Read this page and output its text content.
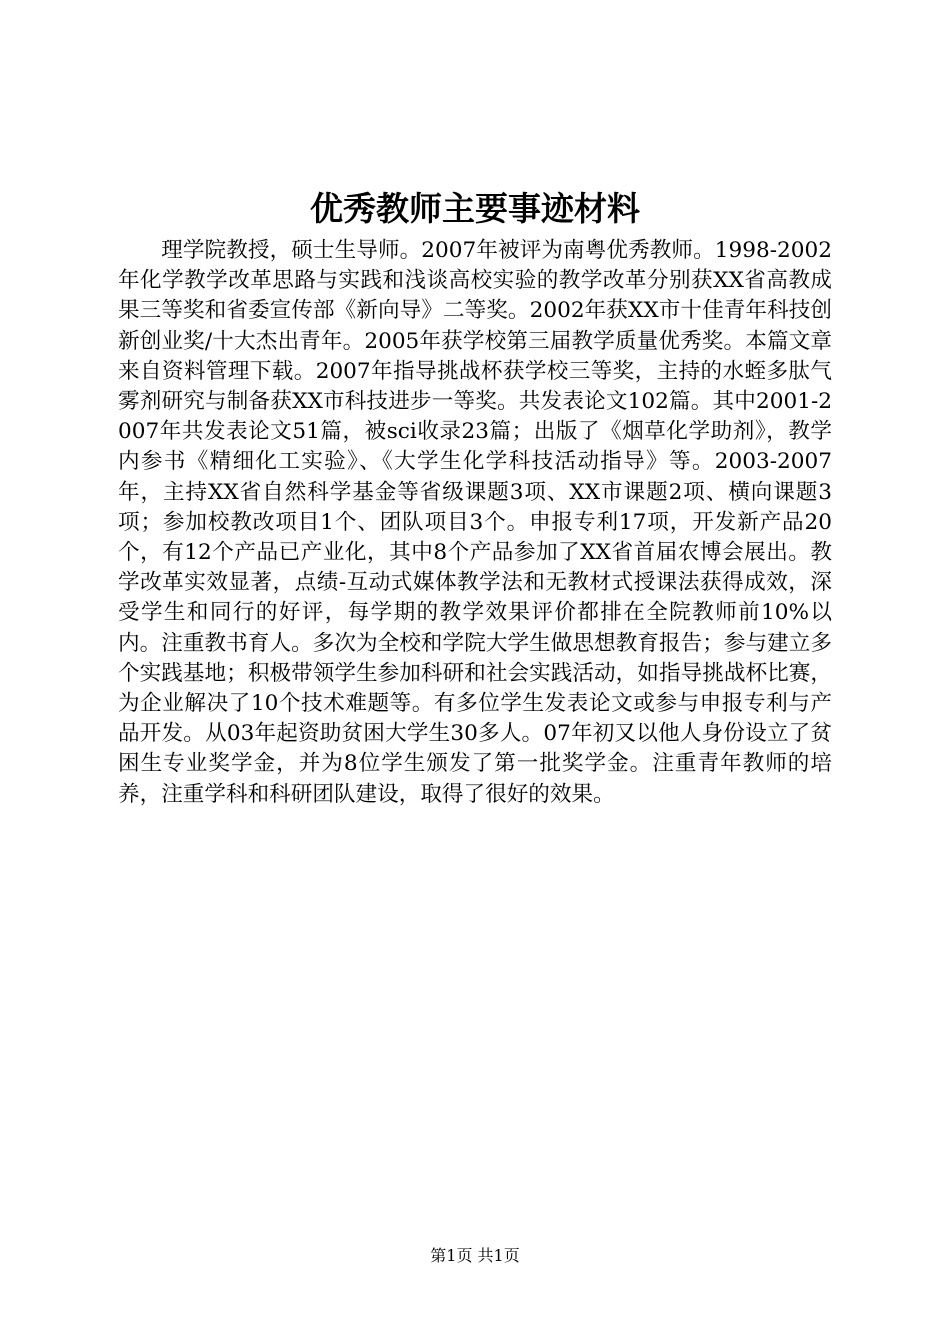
优秀教师主要事迹材料

理学院教授，硕士生导师。2007年被评为南粤优秀教师。1998-2002年化学教学改革思路与实践和浅谈高校实验的教学改革分别获XX省高教成果三等奖和省委宣传部《新向导》二等奖。2002年获XX市十佳青年科技创新创业奖/十大杰出青年。2005年获学校第三届教学质量优秀奖。本篇文章来自资料管理下载。2007年指导挑战杯获学校三等奖，主持的水蛭多肽气雾剂研究与制备获XX市科技进步一等奖。共发表论文102篇。其中2001-2007年共发表论文51篇，被sci收录23篇；出版了《烟草化学助剂》，教学内参书《精细化工实验》、《大学生化学科技活动指导》等。2003-2007年，主持XX省自然科学基金等省级课题3项、XX市课题2项、横向课题3项；参加校教改项目1个、团队项目3个。申报专利17项，开发新产品20个，有12个产品已产业化，其中8个产品参加了XX省首届农博会展出。教学改革实效显著，点绩-互动式媒体教学法和无教材式授课法获得成效，深受学生和同行的好评，每学期的教学效果评价都排在全院教师前10%以内。注重教书育人。多次为全校和学院大学生做思想教育报告；参与建立多个实践基地；积极带领学生参加科研和社会实践活动，如指导挑战杯比赛，为企业解决了10个技术难题等。有多位学生发表论文或参与申报专利与产品开发。从03年起资助贫困大学生30多人。07年初又以他人身份设立了贫困生专业奖学金，并为8位学生颁发了第一批奖学金。注重青年教师的培养，注重学科和科研团队建设，取得了很好的效果。

第1页 共1页
